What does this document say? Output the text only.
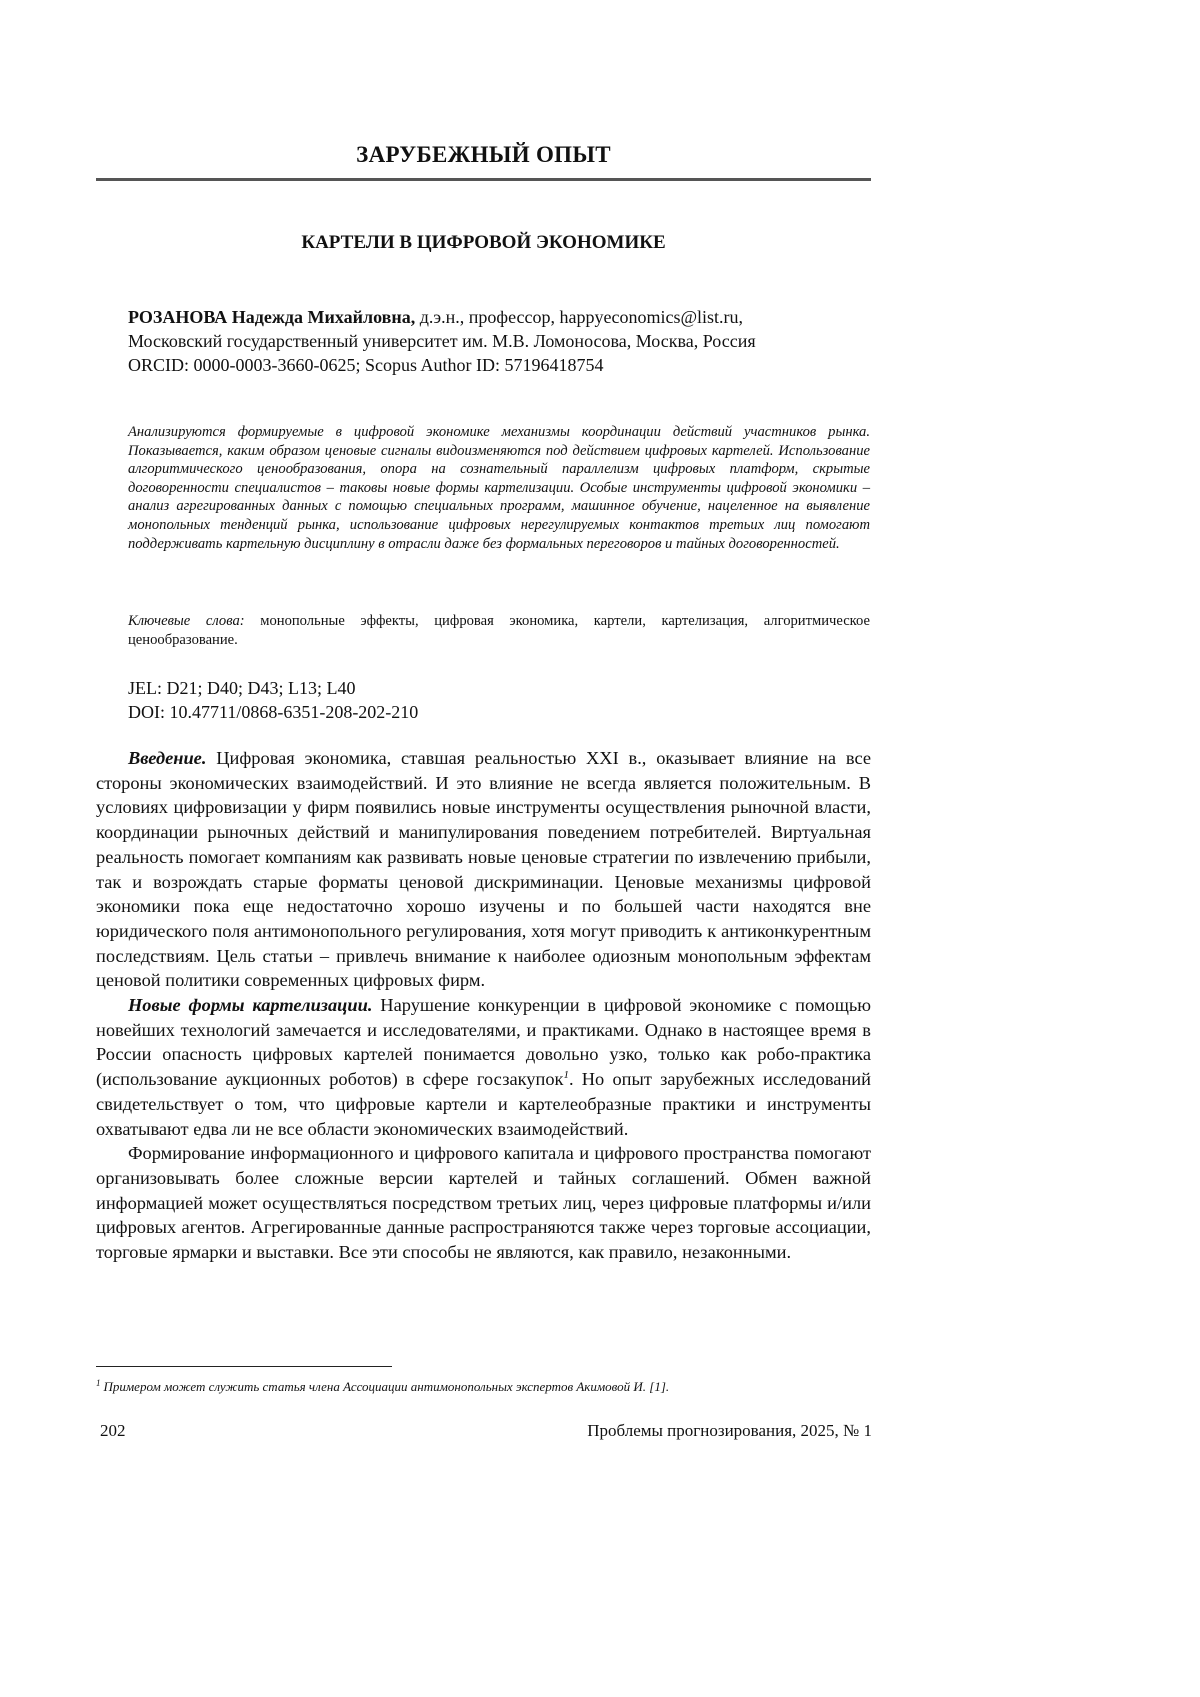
ЗАРУБЕЖНЫЙ ОПЫТ
КАРТЕЛИ В ЦИФРОВОЙ ЭКОНОМИКЕ
РОЗАНОВА Надежда Михайловна, д.э.н., профессор, happyeconomics@list.ru,
Московский государственный университет им. М.В. Ломоносова, Москва, Россия
ORCID: 0000-0003-3660-0625; Scopus Author ID: 57196418754
Анализируются формируемые в цифровой экономике механизмы координации действий участников рынка. Показывается, каким образом ценовые сигналы видоизменяются под действием цифровых картелей. Использование алгоритмического ценообразования, опора на сознательный параллелизм цифровых платформ, скрытые договоренности специалистов – таковы новые формы картелизации. Особые инструменты цифровой экономики – анализ агрегированных данных с помощью специальных программ, машинное обучение, нацеленное на выявление монопольных тенденций рынка, использование цифровых нерегулируемых контактов третьих лиц помогают поддерживать картельную дисциплину в отрасли даже без формальных переговоров и тайных договоренностей.
Ключевые слова: монопольные эффекты, цифровая экономика, картели, картелизация, алгоритмическое ценообразование.
JEL: D21; D40; D43; L13; L40
DOI: 10.47711/0868-6351-208-202-210

Введение. Цифровая экономика, ставшая реальностью XXI в., оказывает влияние на все стороны экономических взаимодействий. И это влияние не всегда является положительным. В условиях цифровизации у фирм появились новые инструменты осуществления рыночной власти, координации рыночных действий и манипулирования поведением потребителей. Виртуальная реальность помогает компаниям как развивать новые ценовые стратегии по извлечению прибыли, так и возрождать старые форматы ценовой дискриминации. Ценовые механизмы цифровой экономики пока еще недостаточно хорошо изучены и по большей части находятся вне юридического поля антимонопольного регулирования, хотя могут приводить к антиконкурентным последствиям. Цель статьи – привлечь внимание к наиболее одиозным монопольным эффектам ценовой политики современных цифровых фирм.

Новые формы картелизации. Нарушение конкуренции в цифровой экономике с помощью новейших технологий замечается и исследователями, и практиками. Однако в настоящее время в России опасность цифровых картелей понимается довольно узко, только как робо-практика (использование аукционных роботов) в сфере госзакупок$^1$. Но опыт зарубежных исследований свидетельствует о том, что цифровые картели и картелеобразные практики и инструменты охватывают едва ли не все области экономических взаимодействий.

Формирование информационного и цифрового капитала и цифрового пространства помогают организовывать более сложные версии картелей и тайных соглашений. Обмен важной информацией может осуществляться посредством третьих лиц, через цифровые платформы и/или цифровых агентов. Агрегированные данные распространяются также через торговые ассоциации, торговые ярмарки и выставки. Все эти способы не являются, как правило, незаконными.

$^1$ Примером может служить статья члена Ассоциации антимонопольных экспертов Акимовой И. [1].
202	Проблемы прогнозирования, 2025, № 1
